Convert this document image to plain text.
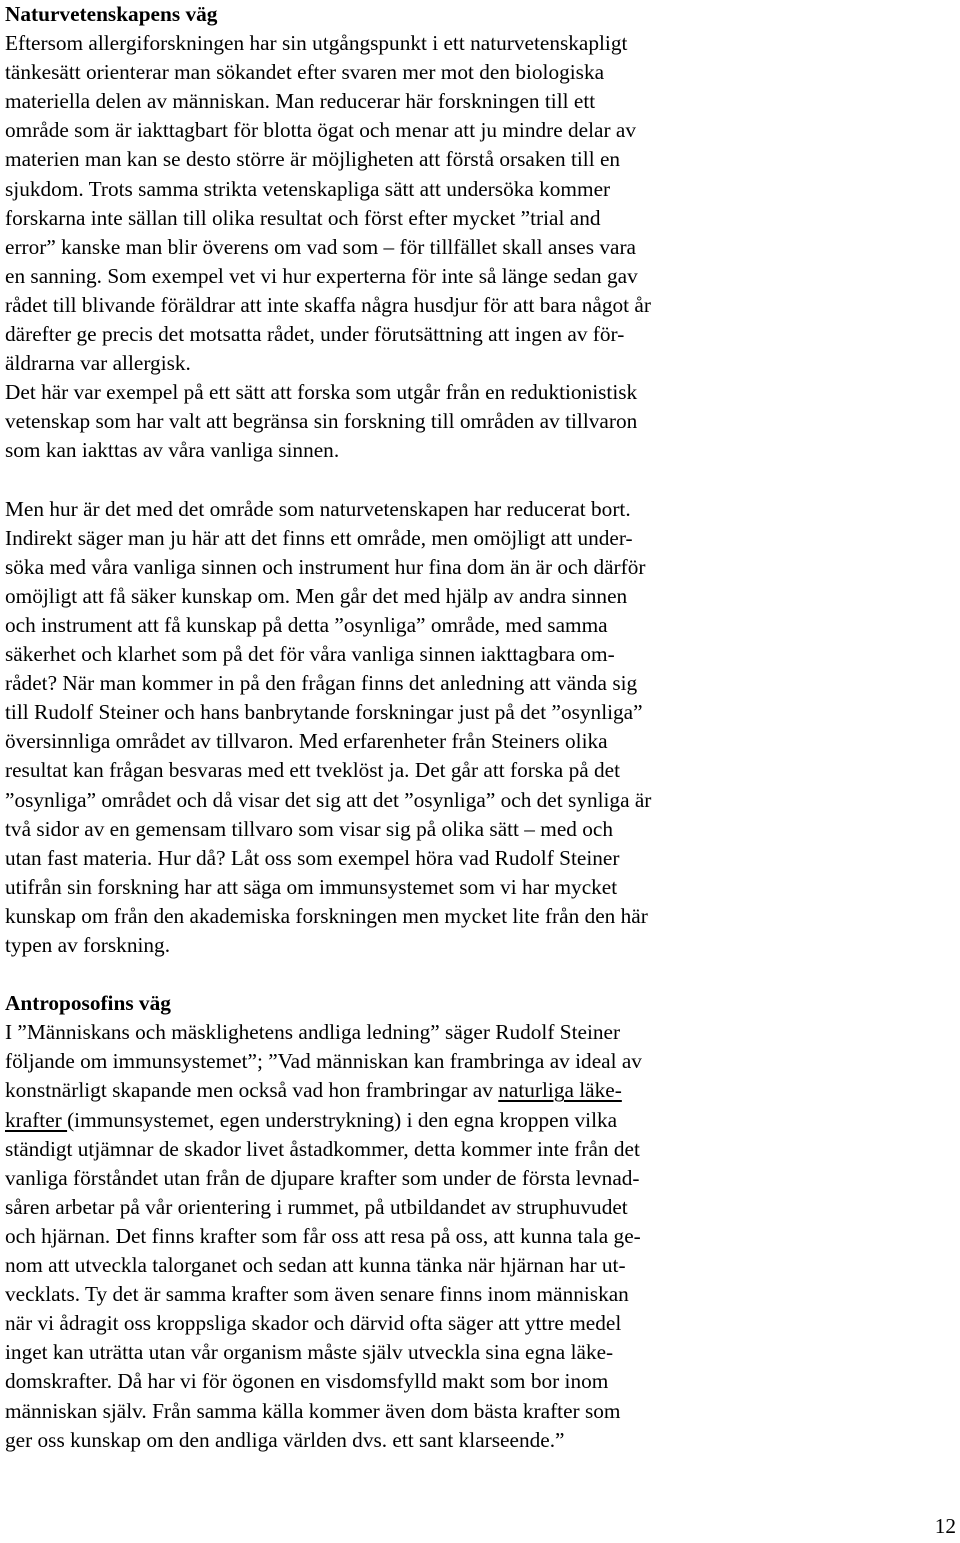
Naturvetenskapens väg
Eftersom allergiforskningen har sin utgångspunkt i ett naturvetenskapligt
tänkesätt orienterar man sökandet efter svaren mer mot den biologiska
materiella delen av människan. Man reducerar här forskningen till ett
område som är iakttagbart för blotta ögat och menar att ju mindre delar av
materien man kan se desto större är möjligheten att förstå orsaken till en
sjukdom. Trots samma strikta vetenskapliga sätt att undersöka kommer
forskarna inte sällan till olika resultat och först efter mycket ”trial and
error” kanske man blir överens om vad som – för tillfället skall anses vara
en sanning. Som exempel vet vi hur experterna för inte så länge sedan gav
rådet till blivande föräldrar att inte skaffa några husdjur för att bara något år
därefter ge precis det motsatta rådet, under förutsättning att ingen av för-
äldrarna var allergisk.
Det här var exempel på ett sätt att forska som utgår från en reduktionistisk
vetenskap som har valt att begränsa sin forskning till områden av tillvaron
som kan iakttas av våra vanliga sinnen.
Men hur är det med det område som naturvetenskapen har reducerat bort.
Indirekt säger man ju här att det finns ett område, men omöjligt att under-
söka med våra vanliga sinnen och instrument hur fina dom än är och därför
omöjligt att få säker kunskap om. Men går det med hjälp av andra sinnen
och instrument att få kunskap på detta ”osynliga” område, med samma
säkerhet och klarhet som på det för våra vanliga sinnen iakttagbara om-
rådet? När man kommer in på den frågan finns det anledning att vända sig
till Rudolf Steiner och hans banbrytande forskningar just på det ”osynliga”
översinnliga området av tillvaron. Med erfarenheter från Steiners olika
resultat kan frågan besvaras med ett tveklöst ja. Det går att forska på det
”osynliga” området och då visar det sig att det ”osynliga” och det synliga är
två sidor av en gemensam tillvaro som visar sig på olika sätt – med och
utan fast materia. Hur då? Låt oss som exempel höra vad Rudolf Steiner
utifrån sin forskning har att säga om immunsystemet som vi har mycket
kunskap om från den akademiska forskningen men mycket lite från den här
typen av forskning.
Antroposofins väg
I ”Människans och mäsklighetens andliga ledning” säger Rudolf Steiner
följande om immunsystemet”; ”Vad människan kan frambringa av ideal av
konstnärligt skapande men också vad hon frambringar av naturliga läke-
krafter (immunsystemet, egen understrykning) i den egna kroppen vilka
ständigt utjämnar de skador livet åstadkommer, detta kommer inte från det
vanliga förståndet utan från de djupare krafter som under de första levnad-
såren arbetar på vår orientering i rummet, på utbildandet av struphuvudet
och hjärnan. Det finns krafter som får oss att resa på oss, att kunna tala ge-
nom att utveckla talorganet och sedan att kunna tänka när hjärnan har ut-
vecklats. Ty det är samma krafter som även senare finns inom människan
när vi ådragit oss kroppsliga skador och därvid ofta säger att yttre medel
inget kan uträtta utan vår organism måste själv utveckla sina egna läke-
domskrafter. Då har vi för ögonen en visdomsfylld makt som bor inom
människan själv. Från samma källa kommer även dom bästa krafter som
ger oss kunskap om den andliga världen dvs. ett sant klarseende.”
12
